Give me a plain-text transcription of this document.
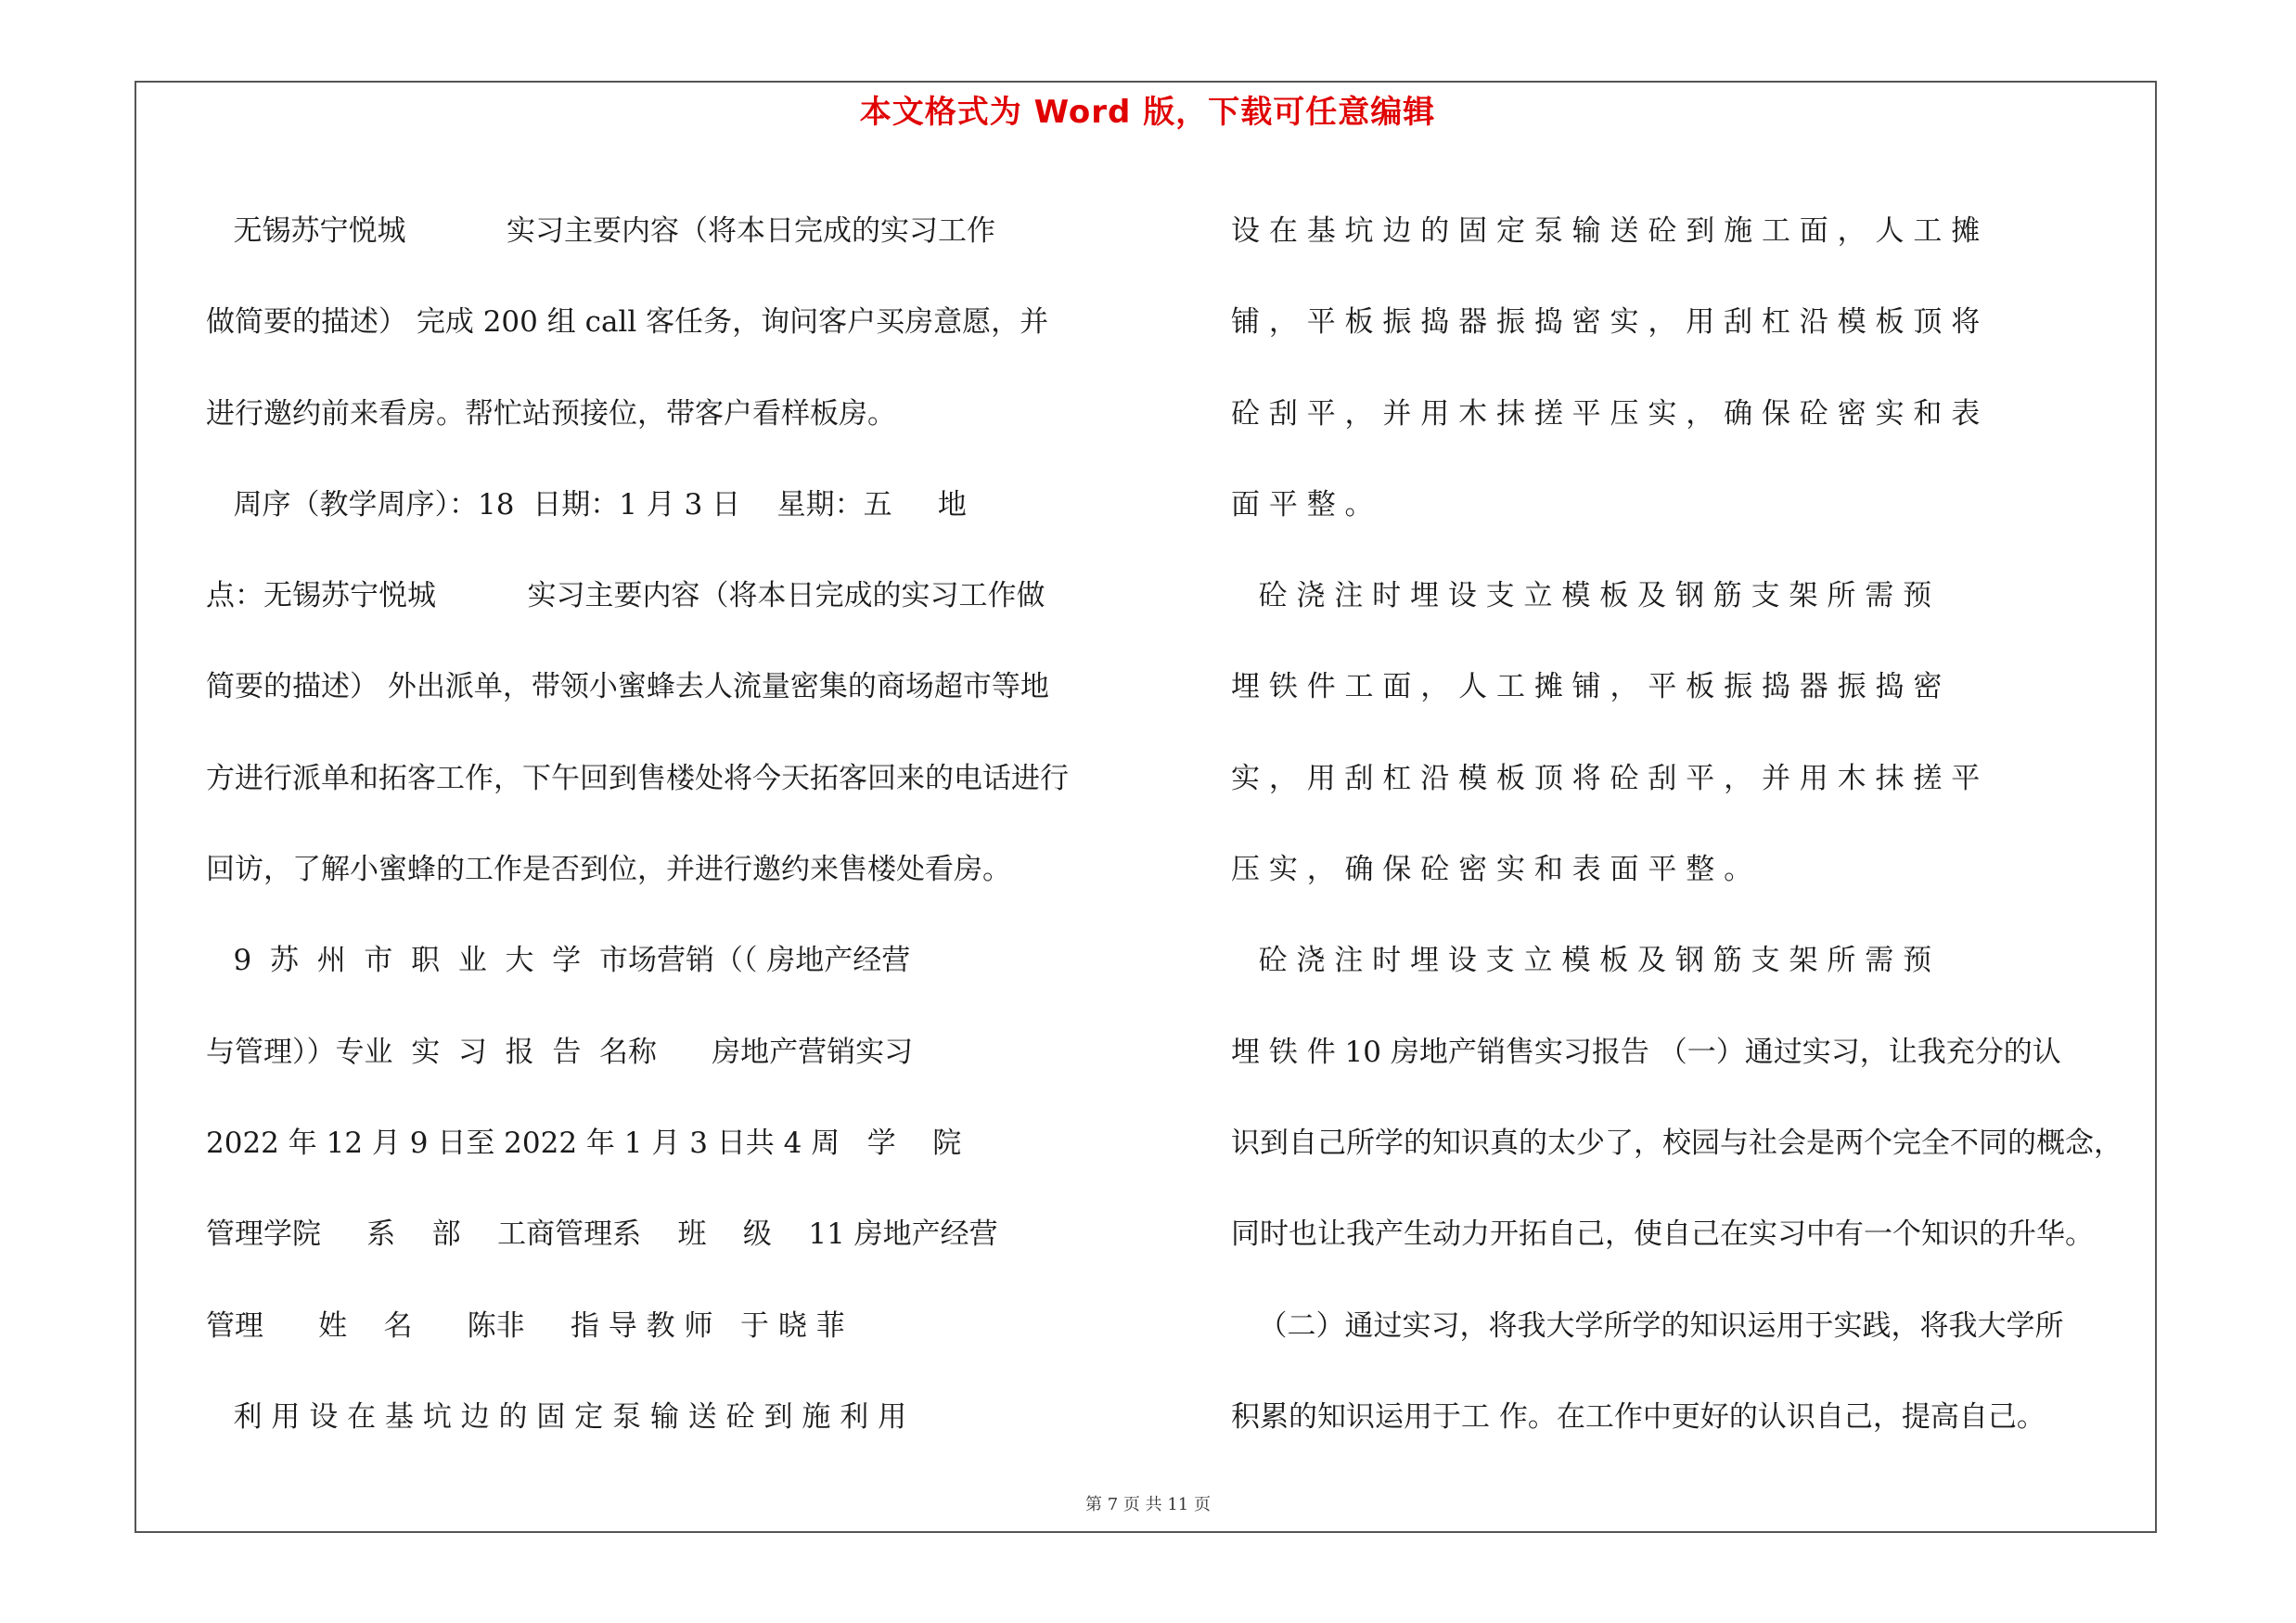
本文格式为 Word 版，下载可任意编辑
无锡苏宁悦城           实习主要内容（将本日完成的实习工作
做简要的描述） 完成 200 组 call 客任务，询问客户买房意愿，并
进行邀约前来看房。帮忙站预接位，带客户看样板房。
周序（教学周序）：18  日期：1 月 3 日    星期：五     地
点：无锡苏宁悦城          实习主要内容（将本日完成的实习工作做
简要的描述） 外出派单，带领小蜜蜂去人流量密集的商场超市等地
方进行派单和拓客工作，下午回到售楼处将今天拓客回来的电话进行
回访，了解小蜜蜂的工作是否到位，并进行邀约来售楼处看房。
9  苏  州  市  职  业  大  学  市场营销（（ 房地产经营
与管理））专业  实  习  报  告  名称      房地产营销实习
2022 年 12 月 9 日至 2022 年 1 月 3 日共 4 周   学    院
管理学院     系    部    工商管理系    班    级    11 房地产经营
管理      姓    名      陈非     指 导 教 师   于 晓 菲
利 用 设 在 基 坑 边 的 固 定 泵 输 送 砼 到 施 利 用
设 在 基 坑 边 的 固 定 泵 输 送 砼 到 施 工 面 ， 人 工 摊
铺 ， 平 板 振 捣 器 振 捣 密 实 ， 用 刮 杠 沿 模 板 顶 将
砼 刮 平 ， 并 用 木 抹 搓 平 压 实 ， 确 保 砼 密 实 和 表
面 平 整 。
砼 浇 注 时 埋 设 支 立 模 板 及 钢 筋 支 架 所 需 预
埋 铁 件 工 面 ， 人 工 摊 铺 ， 平 板 振 捣 器 振 捣 密
实 ， 用 刮 杠 沿 模 板 顶 将 砼 刮 平 ， 并 用 木 抹 搓 平
压 实 ， 确 保 砼 密 实 和 表 面 平 整 。
砼 浇 注 时 埋 设 支 立 模 板 及 钢 筋 支 架 所 需 预
埋 铁 件 10 房地产销售实习报告 （一）通过实习，让我充分的认
识到自己所学的知识真的太少了，校园与社会是两个完全不同的概念，
同时也让我产生动力开拓自己，使自己在实习中有一个知识的升华。
（二）通过实习，将我大学所学的知识运用于实践，将我大学所
积累的知识运用于工 作。在工作中更好的认识自己，提高自己。
第 7 页 共 11 页
